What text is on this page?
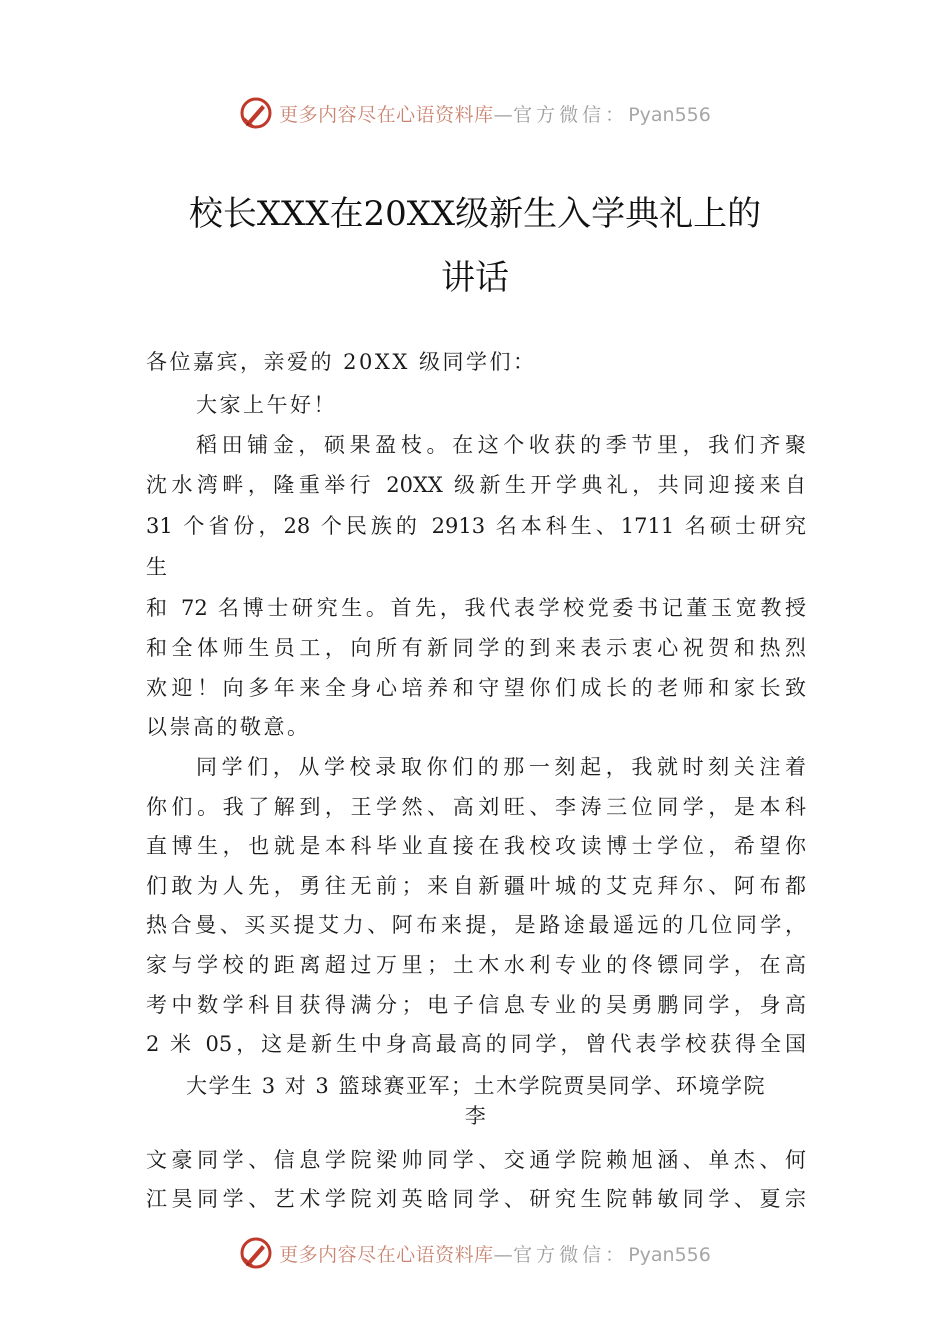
更多内容尽在心语资料库—官方微信：Pyan556
校长XXX在20XX级新生入学典礼上的
讲话
各位嘉宾，亲爱的 20XX 级同学们：
大家上午好！
稻田铺金，硕果盈枝。在这个收获的季节里，我们齐聚
沈水湾畔，隆重举行 20XX 级新生开学典礼，共同迎接来自
31 个省份，28 个民族的 2913 名本科生、1711 名硕士研究
生
和 72 名博士研究生。首先，我代表学校党委书记董玉宽教授
和全体师生员工，向所有新同学的到来表示衷心祝贺和热烈
欢迎！向多年来全身心培养和守望你们成长的老师和家长致
以崇高的敬意。
同学们，从学校录取你们的那一刻起，我就时刻关注着
你们。我了解到，王学然、高刘旺、李涛三位同学，是本科
直博生，也就是本科毕业直接在我校攻读博士学位，希望你
们敢为人先，勇往无前；来自新疆叶城的艾克拜尔、阿布都
热合曼、买买提艾力、阿布来提，是路途最遥远的几位同学，
家与学校的距离超过万里；土木水利专业的佟镖同学，在高
考中数学科目获得满分；电子信息专业的吴勇鹏同学，身高
2 米 05，这是新生中身高最高的同学，曾代表学校获得全国
大学生 3 对 3 篮球赛亚军；土木学院贾昊同学、环境学院
李
文豪同学、信息学院梁帅同学、交通学院赖旭涵、单杰、何
江昊同学、艺术学院刘英晗同学、研究生院韩敏同学、夏宗
更多内容尽在心语资料库—官方微信：Pyan556
